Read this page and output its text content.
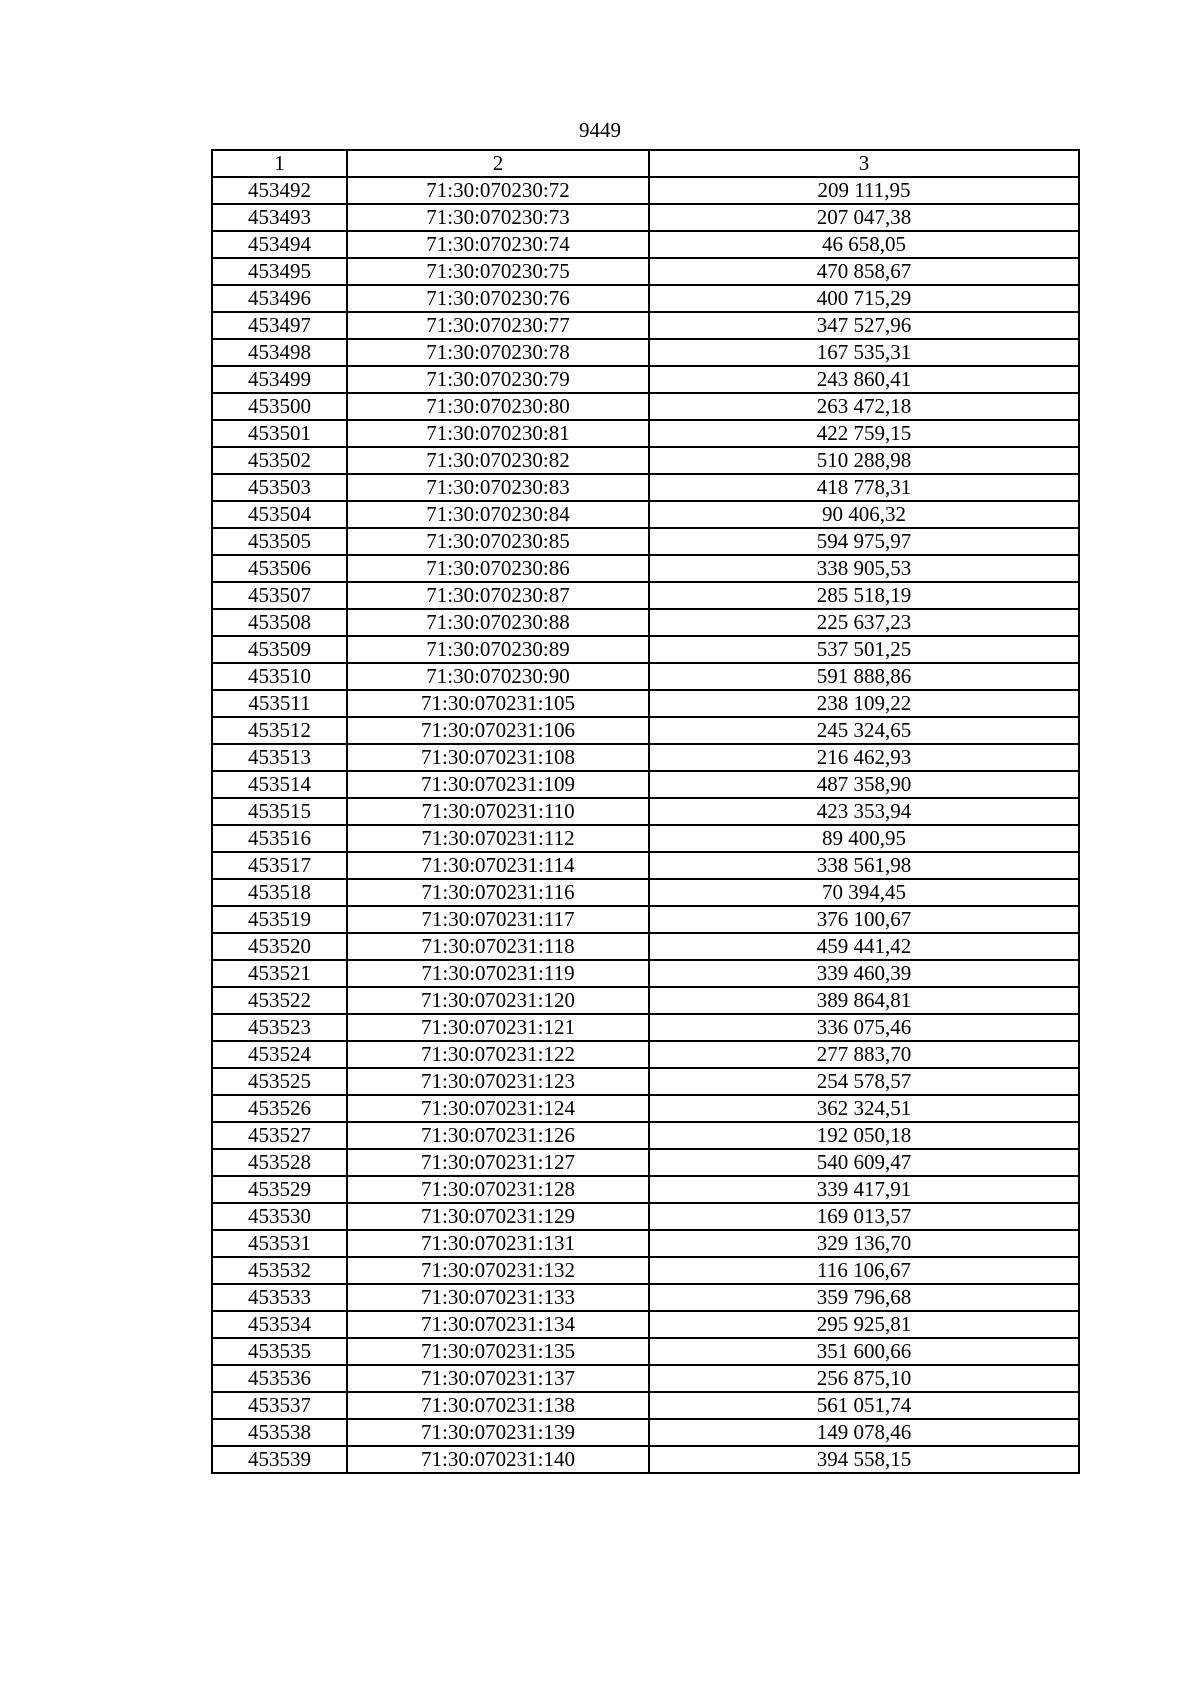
9449
1	2	3
453492	71:30:070230:72	209 111,95
453493	71:30:070230:73	207 047,38
453494	71:30:070230:74	46 658,05
453495	71:30:070230:75	470 858,67
453496	71:30:070230:76	400 715,29
453497	71:30:070230:77	347 527,96
453498	71:30:070230:78	167 535,31
453499	71:30:070230:79	243 860,41
453500	71:30:070230:80	263 472,18
453501	71:30:070230:81	422 759,15
453502	71:30:070230:82	510 288,98
453503	71:30:070230:83	418 778,31
453504	71:30:070230:84	90 406,32
453505	71:30:070230:85	594 975,97
453506	71:30:070230:86	338 905,53
453507	71:30:070230:87	285 518,19
453508	71:30:070230:88	225 637,23
453509	71:30:070230:89	537 501,25
453510	71:30:070230:90	591 888,86
453511	71:30:070231:105	238 109,22
453512	71:30:070231:106	245 324,65
453513	71:30:070231:108	216 462,93
453514	71:30:070231:109	487 358,90
453515	71:30:070231:110	423 353,94
453516	71:30:070231:112	89 400,95
453517	71:30:070231:114	338 561,98
453518	71:30:070231:116	70 394,45
453519	71:30:070231:117	376 100,67
453520	71:30:070231:118	459 441,42
453521	71:30:070231:119	339 460,39
453522	71:30:070231:120	389 864,81
453523	71:30:070231:121	336 075,46
453524	71:30:070231:122	277 883,70
453525	71:30:070231:123	254 578,57
453526	71:30:070231:124	362 324,51
453527	71:30:070231:126	192 050,18
453528	71:30:070231:127	540 609,47
453529	71:30:070231:128	339 417,91
453530	71:30:070231:129	169 013,57
453531	71:30:070231:131	329 136,70
453532	71:30:070231:132	116 106,67
453533	71:30:070231:133	359 796,68
453534	71:30:070231:134	295 925,81
453535	71:30:070231:135	351 600,66
453536	71:30:070231:137	256 875,10
453537	71:30:070231:138	561 051,74
453538	71:30:070231:139	149 078,46
453539	71:30:070231:140	394 558,15
